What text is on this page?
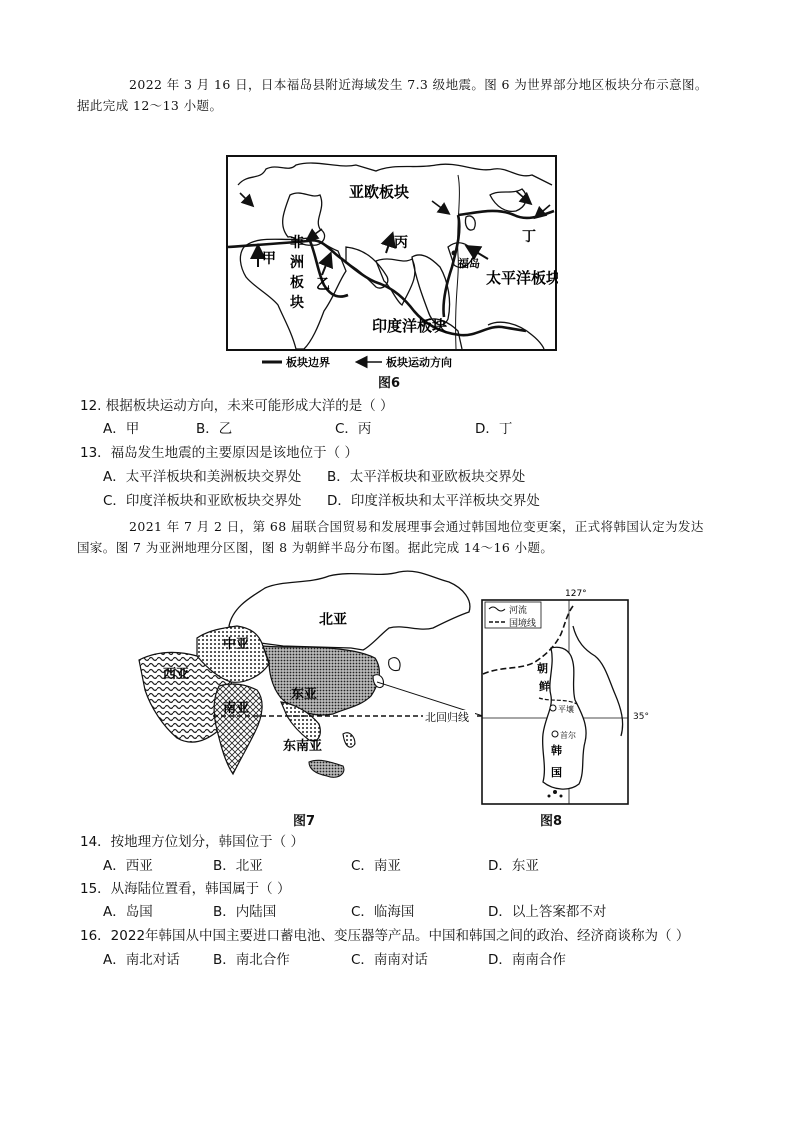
2022 年 3 月 16 日，日本福岛县附近海域发生 7.3 级地震。图 6 为世界部分地区板块分布示意图。
据此完成 12～13 小题。
亚欧板块
太平洋板块
印度洋板块
非
洲
板
块
福岛
甲
乙
丙	丁
板块边界	板块运动方向
图6
12. 根据板块运动方向，未来可能形成大洋的是（ ）
A．甲	B．乙	C．丙	D．丁
13．福岛发生地震的主要原因是该地位于（ ）
A．太平洋板块和美洲板块交界处 B．太平洋板块和亚欧板块交界处
C．印度洋板块和亚欧板块交界处 D．印度洋板块和太平洋板块交界处
2021 年 7 月 2 日，第 68 届联合国贸易和发展理事会通过韩国地位变更案，正式将韩国认定为发达
国家。图 7 为亚洲地理分区图，图 8 为朝鲜半岛分布图。据此完成 14～16 小题。
北亚
中亚
西亚
东亚
南亚
东南亚
北回归线
图7
127°
河流
国境线
朝
鲜
平壤
首尔
韩
国
35°
图8
14．按地理方位划分，韩国位于（ ）
A．西亚	B．北亚	C．南亚	D．东亚
15．从海陆位置看，韩国属于（ ）
A．岛国	B．内陆国	C．临海国	D．以上答案都不对
16．2022年韩国从中国主要进口蓄电池、变压器等产品。中国和韩国之间的政治、经济商谈称为（ ）
A．南北对话 B．南北合作	C．南南对话	D．南南合作
